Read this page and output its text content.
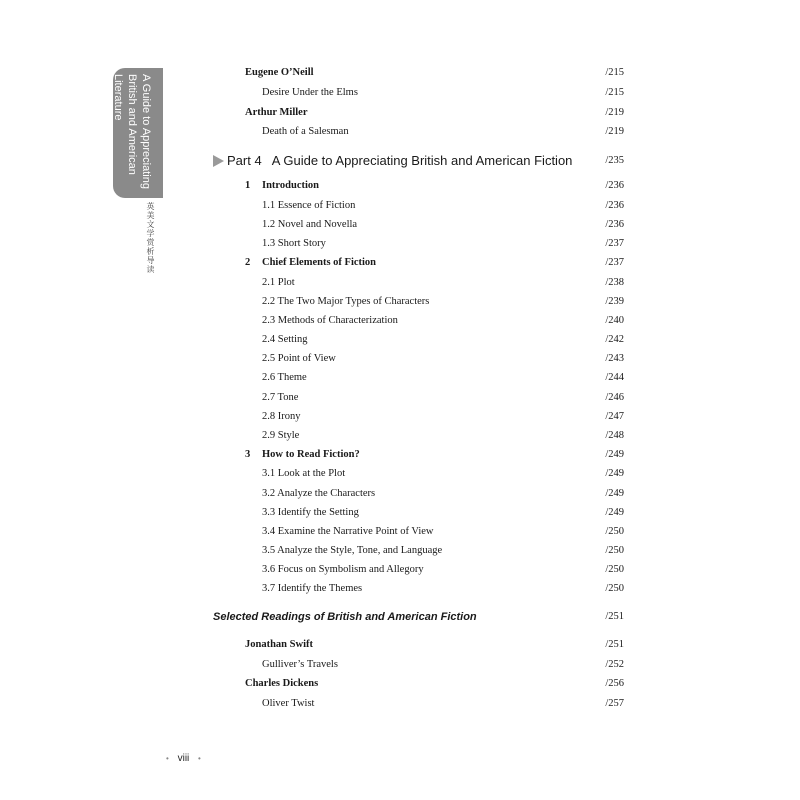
A Guide to Appreciating
British and American Literature
英美文学赏析导读
Eugene O’Neill	/215
Desire Under the Elms	/215
Arthur Miller	/219
Death of a Salesman	/219
Part 4   A Guide to Appreciating British and American Fiction	/235
1 Introduction	/236
1.1 Essence of Fiction	/236
1.2 Novel and Novella	/236
1.3 Short Story	/237
2 Chief Elements of Fiction	/237
2.1 Plot	/238
2.2 The Two Major Types of Characters	/239
2.3 Methods of Characterization	/240
2.4 Setting	/242
2.5 Point of View	/243
2.6 Theme	/244
2.7 Tone	/246
2.8 Irony	/247
2.9 Style	/248
3 How to Read Fiction?	/249
3.1 Look at the Plot	/249
3.2 Analyze the Characters	/249
3.3 Identify the Setting	/249
3.4 Examine the Narrative Point of View	/250
3.5 Analyze the Style, Tone, and Language	/250
3.6 Focus on Symbolism and Allegory	/250
3.7 Identify the Themes	/250
Selected Readings of British and American Fiction	/251
Jonathan Swift	/251
Gulliver’s Travels	/252
Charles Dickens	/256
Oliver Twist	/257
• viii •
